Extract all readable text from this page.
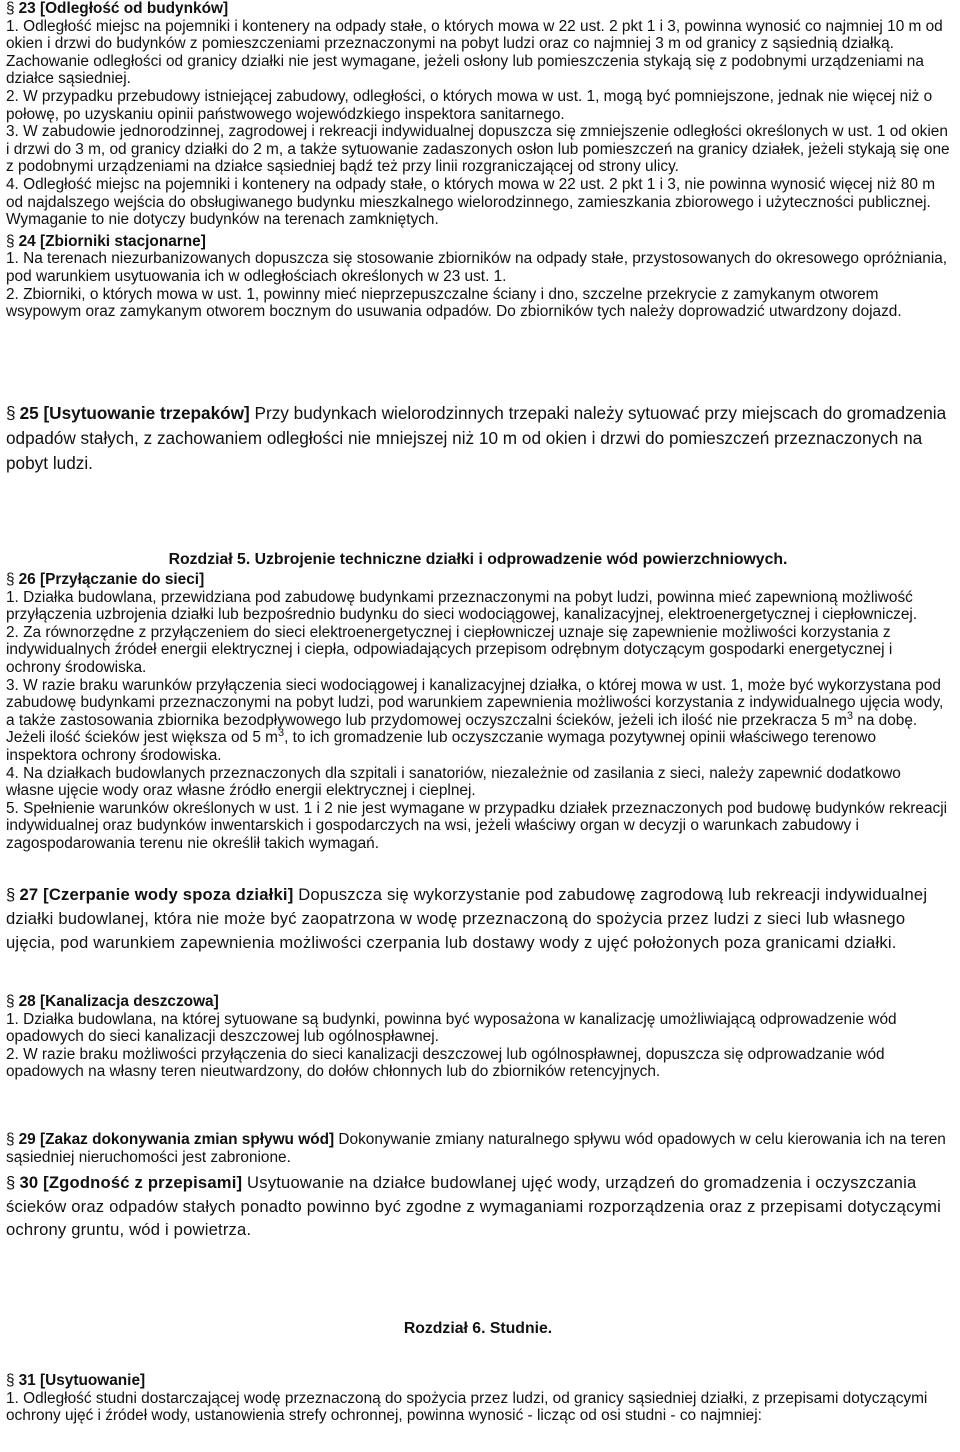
§ 23 [Odległość od budynków]

1. Odległość miejsc na pojemniki i kontenery na odpady stałe, o których mowa w 22 ust. 2 pkt 1 i 3, powinna wynosić co najmniej 10 m od okien i drzwi do budynków z pomieszczeniami przeznaczonymi na pobyt ludzi oraz co najmniej 3 m od granicy z sąsiednią działką. Zachowanie odległości od granicy działki nie jest wymagane, jeżeli osłony lub pomieszczenia stykają się z podobnymi urządzeniami na działce sąsiedniej.

2. W przypadku przebudowy istniejącej zabudowy, odległości, o których mowa w ust. 1, mogą być pomniejszone, jednak nie więcej niż o połowę, po uzyskaniu opinii państwowego wojewódzkiego inspektora sanitarnego.

3. W zabudowie jednorodzinnej, zagrodowej i rekreacji indywidualnej dopuszcza się zmniejszenie odległości określonych w ust. 1 od okien i drzwi do 3 m, od granicy działki do 2 m, a także sytuowanie zadaszonych osłon lub pomieszczeń na granicy działek, jeżeli stykają się one z podobnymi urządzeniami na działce sąsiedniej bądź też przy linii rozgraniczającej od strony ulicy.

4. Odległość miejsc na pojemniki i kontenery na odpady stałe, o których mowa w 22 ust. 2 pkt 1 i 3, nie powinna wynosić więcej niż 80 m od najdalszego wejścia do obsługiwanego budynku mieszkalnego wielorodzinnego, zamieszkania zbiorowego i użyteczności publicznej. Wymaganie to nie dotyczy budynków na terenach zamkniętych.

§ 24 [Zbiorniki stacjonarne]

1. Na terenach niezurbanizowanych dopuszcza się stosowanie zbiorników na odpady stałe, przystosowanych do okresowego opróżniania, pod warunkiem usytuowania ich w odległościach określonych w 23 ust. 1.

2. Zbiorniki, o których mowa w ust. 1, powinny mieć nieprzepuszczalne ściany i dno, szczelne przekrycie z zamykanym otworem wsypowym oraz zamykanym otworem bocznym do usuwania odpadów. Do zbiorników tych należy doprowadzić utwardzony dojazd.

§ 25 [Usytuowanie trzepaków] Przy budynkach wielorodzinnych trzepaki należy sytuować przy miejscach do gromadzenia odpadów stałych, z zachowaniem odległości nie mniejszej niż 10 m od okien i drzwi do pomieszczeń przeznaczonych na pobyt ludzi.

Rozdział 5. Uzbrojenie techniczne działki i odprowadzenie wód powierzchniowych.

§ 26 [Przyłączanie do sieci]

1. Działka budowlana, przewidziana pod zabudowę budynkami przeznaczonymi na pobyt ludzi, powinna mieć zapewnioną możliwość przyłączenia uzbrojenia działki lub bezpośrednio budynku do sieci wodociągowej, kanalizacyjnej, elektroenergetycznej i ciepłowniczej.

2. Za równorzędne z przyłączeniem do sieci elektroenergetycznej i ciepłowniczej uznaje się zapewnienie możliwości korzystania z indywidualnych źródeł energii elektrycznej i ciepła, odpowiadających przepisom odrębnym dotyczącym gospodarki energetycznej i ochrony środowiska.

3. W razie braku warunków przyłączenia sieci wodociągowej i kanalizacyjnej działka, o której mowa w ust. 1, może być wykorzystana pod zabudowę budynkami przeznaczonymi na pobyt ludzi, pod warunkiem zapewnienia możliwości korzystania z indywidualnego ujęcia wody, a także zastosowania zbiornika bezodpływowego lub przydomowej oczyszczalni ścieków, jeżeli ich ilość nie przekracza 5 $m^3$ na dobę. Jeżeli ilość ścieków jest większa od 5 $m^3$, to ich gromadzenie lub oczyszczanie wymaga pozytywnej opinii właściwego terenowo inspektora ochrony środowiska.

4. Na działkach budowlanych przeznaczonych dla szpitali i sanatoriów, niezależnie od zasilania z sieci, należy zapewnić dodatkowo własne ujęcie wody oraz własne źródło energii elektrycznej i cieplnej.

5. Spełnienie warunków określonych w ust. 1 i 2 nie jest wymagane w przypadku działek przeznaczonych pod budowę budynków rekreacji indywidualnej oraz budynków inwentarskich i gospodarczych na wsi, jeżeli właściwy organ w decyzji o warunkach zabudowy i zagospodarowania terenu nie określił takich wymagań.

§ 27 [Czerpanie wody spoza działki] Dopuszcza się wykorzystanie pod zabudowę zagrodową lub rekreacji indywidualnej działki budowlanej, która nie może być zaopatrzona w wodę przeznaczoną do spożycia przez ludzi z sieci lub własnego ujęcia, pod warunkiem zapewnienia możliwości czerpania lub dostawy wody z ujęć położonych poza granicami działki.

§ 28 [Kanalizacja deszczowa]

1. Działka budowlana, na której sytuowane są budynki, powinna być wyposażona w kanalizację umożliwiającą odprowadzenie wód opadowych do sieci kanalizacji deszczowej lub ogólnospławnej.

2. W razie braku możliwości przyłączenia do sieci kanalizacji deszczowej lub ogólnospławnej, dopuszcza się odprowadzanie wód opadowych na własny teren nieutwardzony, do dołów chłonnych lub do zbiorników retencyjnych.

§ 29 [Zakaz dokonywania zmian spływu wód] Dokonywanie zmiany naturalnego spływu wód opadowych w celu kierowania ich na teren sąsiedniej nieruchomości jest zabronione.

§ 30 [Zgodność z przepisami] Usytuowanie na działce budowlanej ujęć wody, urządzeń do gromadzenia i oczyszczania ścieków oraz odpadów stałych ponadto powinno być zgodne z wymaganiami rozporządzenia oraz z przepisami dotyczącymi ochrony gruntu, wód i powietrza.

Rozdział 6. Studnie.

§ 31 [Usytuowanie]

1. Odległość studni dostarczającej wodę przeznaczoną do spożycia przez ludzi, od granicy sąsiedniej działki, z przepisami dotyczącymi ochrony ujęć i źródeł wody, ustanowienia strefy ochronnej, powinna wynosić - licząc od osi studni - co najmniej:
